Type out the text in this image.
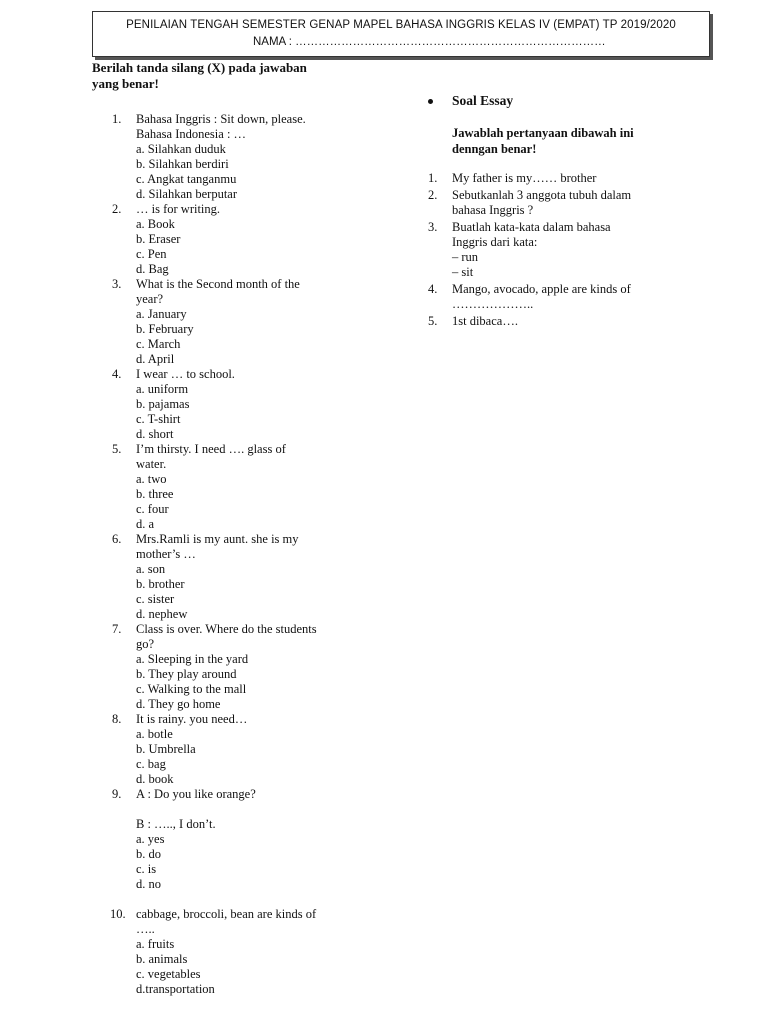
PENILAIAN TENGAH SEMESTER GENAP MAPEL BAHASA INGGRIS KELAS IV (EMPAT) TP 2019/2020
NAMA : ………………………………………………………………………
Berilah tanda silang (X) pada jawaban
yang benar!
1. Bahasa Inggris : Sit down, please.
Bahasa Indonesia : …
a. Silahkan duduk
b. Silahkan berdiri
c. Angkat tanganmu
d. Silahkan berputar
2. … is for writing.
a. Book
b. Eraser
c. Pen
d. Bag
3. What is the Second month of the
year?
a. January
b. February
c. March
d. April
4. I wear … to school.
a. uniform
b. pajamas
c. T-shirt
d. short
5. I’m thirsty. I need …. glass of
water.
a. two
b. three
c. four
d. a
6. Mrs.Ramli is my aunt. she is my
mother’s …
a. son
b. brother
c. sister
d. nephew
7. Class is over. Where do the students
go?
a. Sleeping in the yard
b. They play around
c. Walking to the mall
d. They go home
8. It is rainy. you need…
a. botle
b. Umbrella
c. bag
d. book
9. A : Do you like orange?
B : ….., I don’t.
a. yes
b. do
c. is
d. no
10. cabbage, broccoli, bean are kinds of
…..
a. fruits
b. animals
c. vegetables
d.transportation
Soal Essay
Jawablah pertanyaan dibawah ini
denngan benar!
1. My father is my…… brother
2. Sebutkanlah 3 anggota tubuh dalam
bahasa Inggris ?
3. Buatlah kata-kata dalam bahasa
Inggris dari kata:
– run
– sit
4. Mango, avocado, apple are kinds of
………………..
5. 1st dibaca….
